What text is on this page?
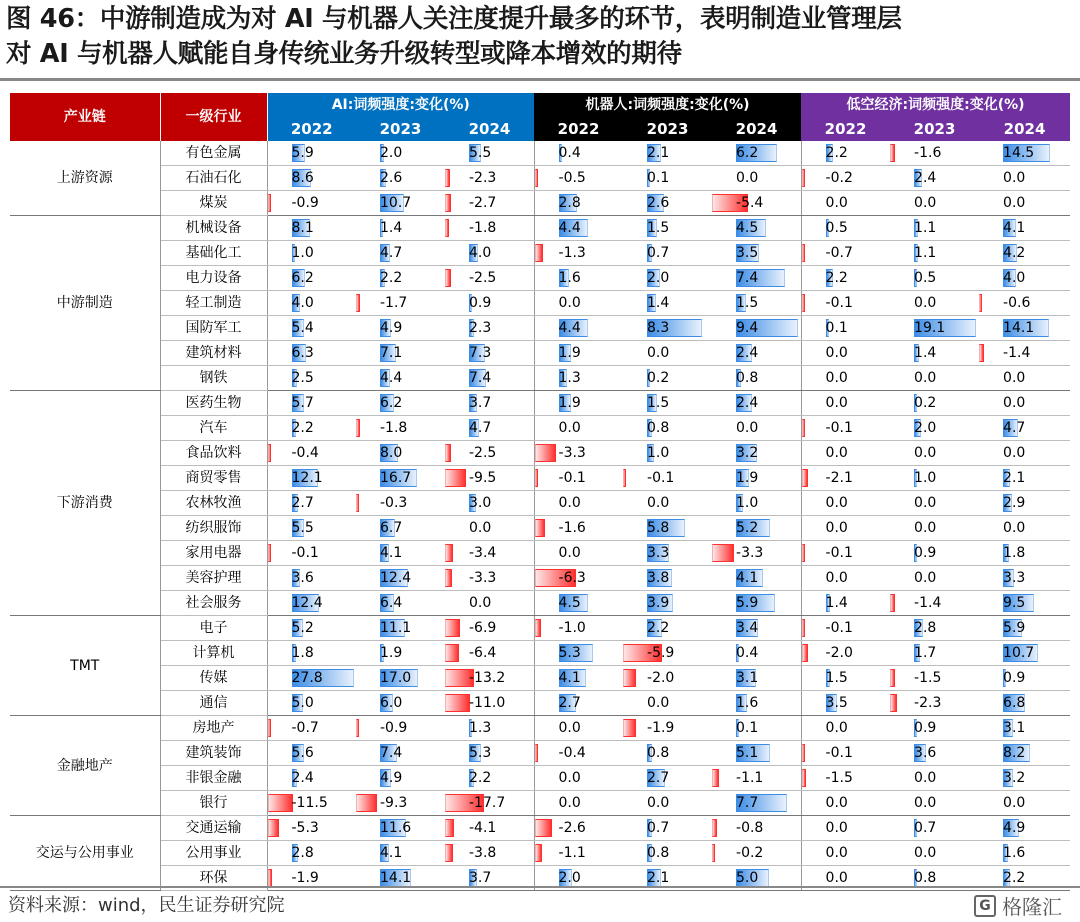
图 46：中游制造成为对 AI 与机器人关注度提升最多的环节，表明制造业管理层
对 AI 与机器人赋能自身传统业务升级转型或降本增效的期待
产业链	一级行业	AI:词频强度:变化(%)			机器人:词频强度:变化(%)			低空经济:词频强度:变化(%)		
		2022	2023	2024	2022	2023	2024	2022	2023	2024
上游资源	有色金属	5.9	2.0	5.5	0.4	2.1	6.2	2.2	-1.6	14.5

	石油石化	8.6	2.6	-2.3	-0.5	0.1	0.0	-0.2	2.4	0.0

	煤炭	-0.9	10.7	-2.7	2.8	2.6	-5.4	0.0	0.0	0.0

中游制造	机械设备	8.1	1.4	-1.8	4.4	1.5	4.5	0.5	1.1	4.1

	基础化工	1.0	4.7	4.0	-1.3	0.7	3.5	-0.7	1.1	4.2

	电力设备	6.2	2.2	-2.5	1.6	2.0	7.4	2.2	0.5	4.0

	轻工制造	4.0	-1.7	0.9	0.0	1.4	1.5	-0.1	0.0	-0.6

	国防军工	5.4	4.9	2.3	4.4	8.3	9.4	0.1	19.1	14.1

	建筑材料	6.3	7.1	7.3	1.9	0.0	2.4	0.0	1.4	-1.4

	钢铁	2.5	4.4	7.4	1.3	0.2	0.8	0.0	0.0	0.0

下游消费	医药生物	5.7	6.2	3.7	1.9	1.5	2.4	0.0	0.2	0.0

	汽车	2.2	-1.8	4.7	0.0	0.8	0.0	-0.1	2.0	4.7

	食品饮料	-0.4	8.0	-2.5	-3.3	1.0	3.2	0.0	0.0	0.0

	商贸零售	12.1	16.7	-9.5	-0.1	-0.1	1.9	-2.1	1.0	2.1

	农林牧渔	2.7	-0.3	3.0	0.0	0.0	1.0	0.0	0.0	2.9

	纺织服饰	5.5	6.7	0.0	-1.6	5.8	5.2	0.0	0.0	0.0

	家用电器	-0.1	4.1	-3.4	0.0	3.3	-3.3	-0.1	0.9	1.8

	美容护理	3.6	12.4	-3.3	-6.3	3.8	4.1	0.0	0.0	3.3

	社会服务	12.4	6.4	0.0	4.5	3.9	5.9	1.4	-1.4	9.5

TMT	电子	5.2	11.1	-6.9	-1.0	2.2	3.4	-0.1	2.8	5.9

	计算机	1.8	1.9	-6.4	5.3	-5.9	0.4	-2.0	1.7	10.7

	传媒	27.8	17.0	-13.2	4.1	-2.0	3.1	1.5	-1.5	0.9

	通信	5.0	6.0	-11.0	2.7	0.0	1.6	3.5	-2.3	6.8

金融地产	房地产	-0.7	-0.9	1.3	0.0	-1.9	0.1	0.0	0.9	3.1

	建筑装饰	5.6	7.4	5.3	-0.4	0.8	5.1	-0.1	3.6	8.2

	非银金融	2.4	4.9	2.2	0.0	2.7	-1.1	-1.5	0.0	3.2

	银行	-11.5	-9.3	-17.7	0.0	0.0	7.7	0.0	0.0	0.0

交运与公用事业	交通运输	-5.3	11.6	-4.1	-2.6	0.7	-0.8	0.0	0.7	4.9

	公用事业	2.8	4.1	-3.8	-1.1	0.8	-0.2	0.0	0.0	1.6

	环保	-1.9	14.1	3.7	2.0	2.1	5.0	0.0	0.8	2.2
资料来源：wind，民生证券研究院	G 格隆汇
